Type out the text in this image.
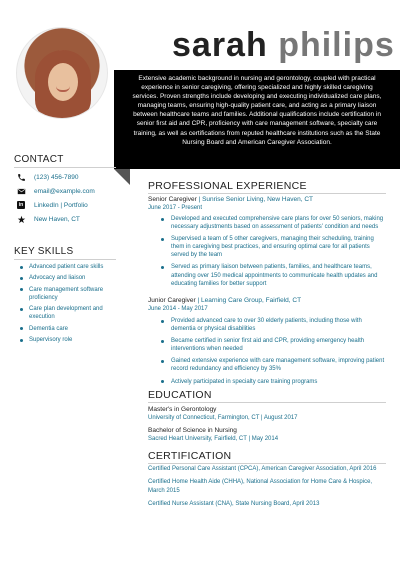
sarah philips
Extensive academic background in nursing and gerontology, coupled with practical experience in senior caregiving, offering specialized and highly skilled caregiving services. Proven strengths include developing and executing individualized care plans, managing teams, ensuring high-quality patient care, and acting as a primary liaison between healthcare teams and families. Additional qualifications include certification in senior first aid and CPR, proficiency with care management software, specialty care training, as well as certifications from reputed healthcare institutions such as the State Nursing Board and American Caregiver Association.
CONTACT
(123) 456-7890
email@example.com
in LinkedIn | Portfolio
New Haven, CT
KEY SKILLS
Advanced patient care skills
Advocacy and liaison
Care management software proficiency
Care plan development and execution
Dementia care
Supervisory role
PROFESSIONAL EXPERIENCE
Senior Caregiver | Sunrise Senior Living, New Haven, CT
June 2017 - Present
Developed and executed comprehensive care plans for over 50 seniors, making necessary adjustments based on assessment of patients' condition and needs
Supervised a team of 5 other caregivers, managing their scheduling, training them in caregiving best practices, and ensuring optimal care for all patients served by the team
Served as primary liaison between patients, families, and healthcare teams, attending over 150 medical appointments to communicate health updates and educating families for better support
Junior Caregiver | Learning Care Group, Fairfield, CT
June 2014 - May 2017
Provided advanced care to over 30 elderly patients, including those with dementia or physical disabilities
Became certified in senior first aid and CPR, providing emergency health interventions when needed
Gained extensive experience with care management software, improving patient record redundancy and efficiency by 35%
Actively participated in specialty care training programs
EDUCATION
Master's in Gerontology
University of Connecticut, Farmington, CT | August 2017
Bachelor of Science in Nursing
Sacred Heart University, Fairfield, CT | May 2014
CERTIFICATION
Certified Personal Care Assistant (CPCA), American Caregiver Association, April 2016
Certified Home Health Aide (CHHA), National Association for Home Care & Hospice, March 2015
Certified Nurse Assistant (CNA), State Nursing Board, April 2013
